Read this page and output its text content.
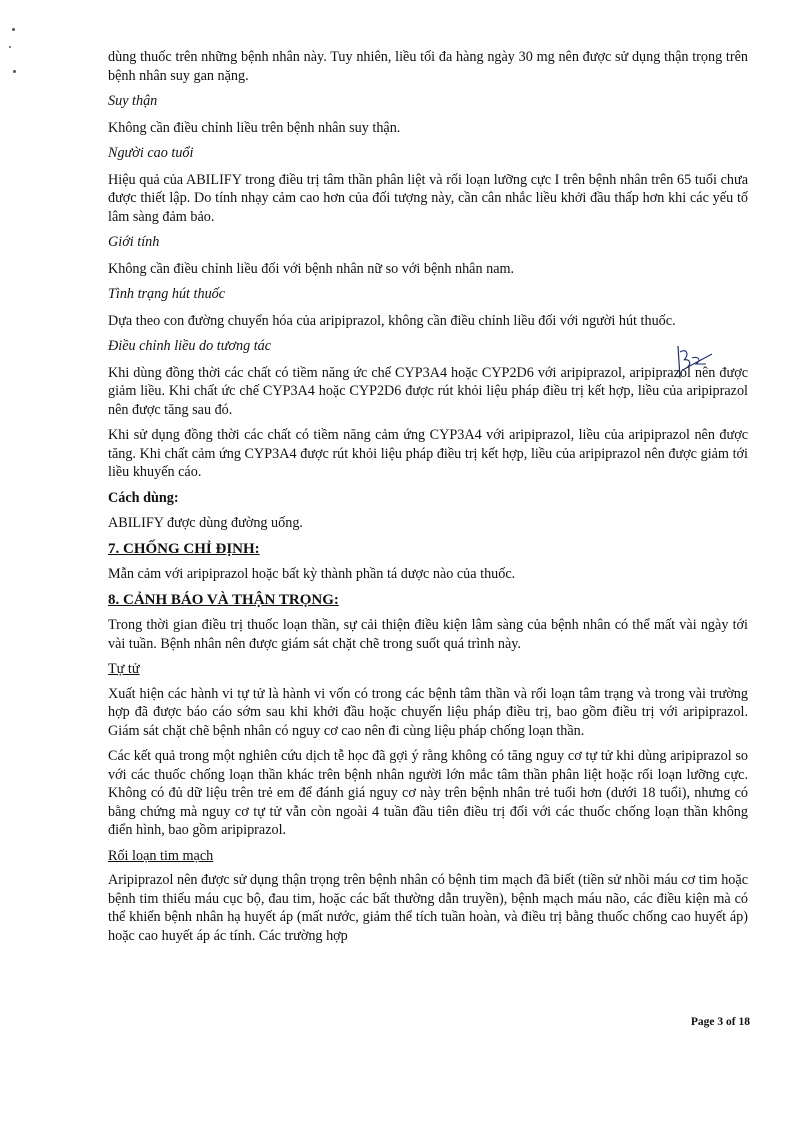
dùng thuốc trên những bệnh nhân này. Tuy nhiên, liều tối đa hàng ngày 30 mg nên được sử dụng thận trọng trên bệnh nhân suy gan nặng.

Suy thận

Không cần điều chỉnh liều trên bệnh nhân suy thận.

Người cao tuổi

Hiệu quả của ABILIFY trong điều trị tâm thần phân liệt và rối loạn lưỡng cực I trên bệnh nhân trên 65 tuổi chưa được thiết lập. Do tính nhạy cảm cao hơn của đối tượng này, cần cân nhắc liều khởi đầu thấp hơn khi các yếu tố lâm sàng đảm bảo.

Giới tính

Không cần điều chỉnh liều đối với bệnh nhân nữ so với bệnh nhân nam.

Tình trạng hút thuốc

Dựa theo con đường chuyển hóa của aripiprazol, không cần điều chỉnh liều đối với người hút thuốc.

Điều chỉnh liều do tương tác

Khi dùng đồng thời các chất có tiềm năng ức chế CYP3A4 hoặc CYP2D6 với aripiprazol, aripiprazol nên được giảm liều. Khi chất ức chế CYP3A4 hoặc CYP2D6 được rút khỏi liệu pháp điều trị kết hợp, liều của aripiprazol nên được tăng sau đó.

Khi sử dụng đồng thời các chất có tiềm năng cảm ứng CYP3A4 với aripiprazol, liều của aripiprazol nên được tăng. Khi chất cảm ứng CYP3A4 được rút khỏi liệu pháp điều trị kết hợp, liều của aripiprazol nên được giảm tới liều khuyến cáo.

Cách dùng:

ABILIFY được dùng đường uống.

7. CHỐNG CHỈ ĐỊNH:

Mẫn cảm với aripiprazol hoặc bất kỳ thành phần tá dược nào của thuốc.

8. CẢNH BÁO VÀ THẬN TRỌNG:

Trong thời gian điều trị thuốc loạn thần, sự cải thiện điều kiện lâm sàng của bệnh nhân có thể mất vài ngày tới vài tuần. Bệnh nhân nên được giám sát chặt chẽ trong suốt quá trình này.

Tự tử

Xuất hiện các hành vi tự tử là hành vi vốn có trong các bệnh tâm thần và rối loạn tâm trạng và trong vài trường hợp đã được báo cáo sớm sau khi khởi đầu hoặc chuyển liệu pháp điều trị, bao gồm điều trị với aripiprazol. Giám sát chặt chẽ bệnh nhân có nguy cơ cao nên đi cùng liệu pháp chống loạn thần.

Các kết quả trong một nghiên cứu dịch tễ học đã gợi ý rằng không có tăng nguy cơ tự tử khi dùng aripiprazol so với các thuốc chống loạn thần khác trên bệnh nhân người lớn mắc tâm thần phân liệt hoặc rối loạn lưỡng cực. Không có đủ dữ liệu trên trẻ em để đánh giá nguy cơ này trên bệnh nhân trẻ tuổi hơn (dưới 18 tuổi), nhưng có bằng chứng mà nguy cơ tự tử vẫn còn ngoài 4 tuần đầu tiên điều trị đối với các thuốc chống loạn thần không điển hình, bao gồm aripiprazol.

Rối loạn tim mạch

Aripiprazol nên được sử dụng thận trọng trên bệnh nhân có bệnh tim mạch đã biết (tiền sử nhồi máu cơ tim hoặc bệnh tim thiếu máu cục bộ, đau tim, hoặc các bất thường dẫn truyền), bệnh mạch máu não, các điều kiện mà có thể khiến bệnh nhân hạ huyết áp (mất nước, giảm thể tích tuần hoàn, và điều trị bằng thuốc chống cao huyết áp) hoặc cao huyết áp ác tính. Các trường hợp

Page 3 of 18
